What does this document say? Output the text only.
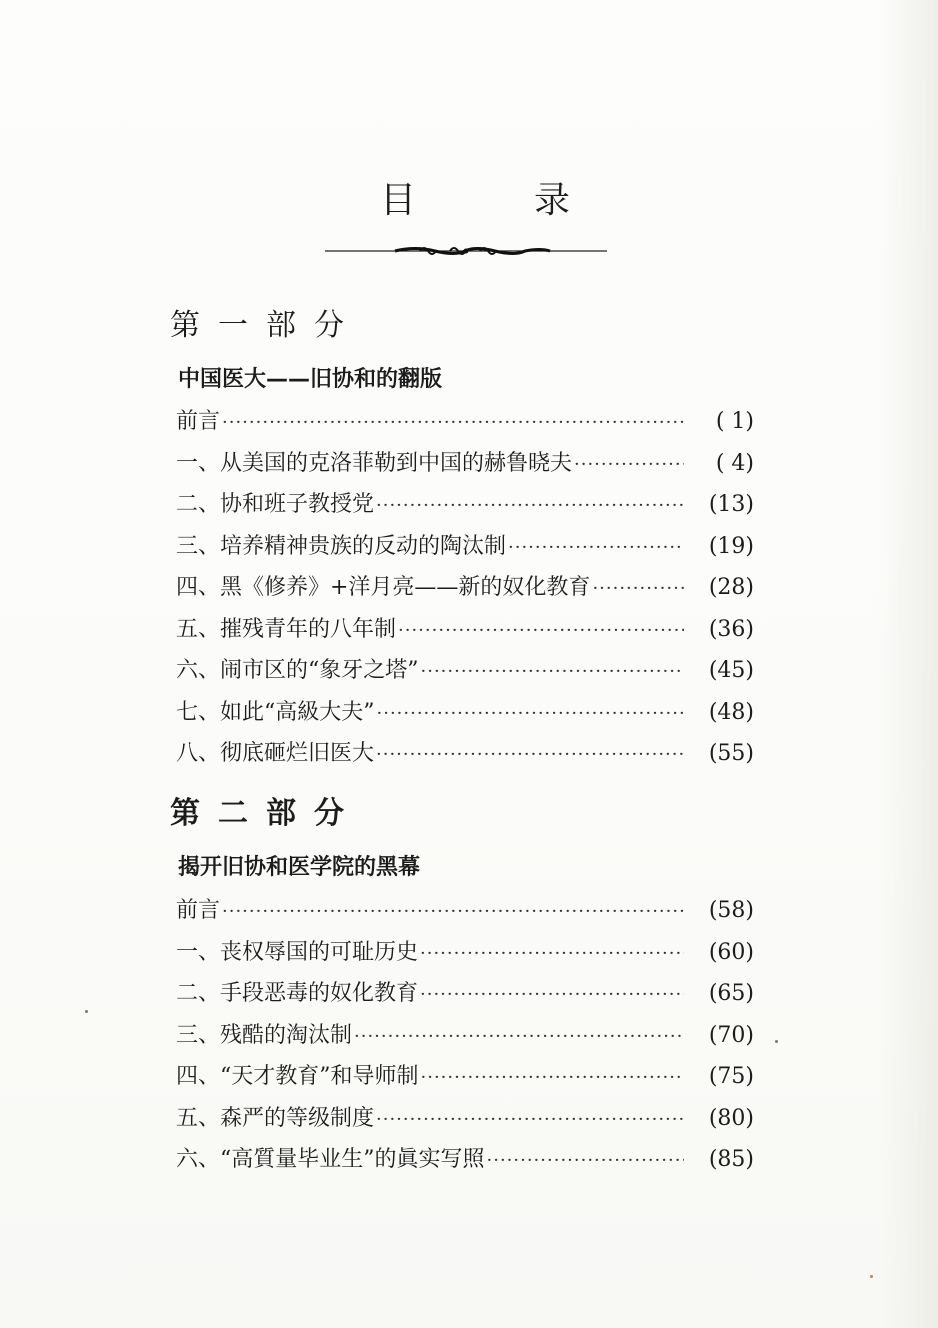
目	录
第一部分
中国医大——旧协和的翻版
前言 ·····	( 1)
一、从美国的克洛菲勒到中国的赫鲁晓夫 ·····	( 4)
二、协和班子教授党 ·····	(13)
三、培养精神贵族的反动的陶汰制 ·····	(19)
四、黑《修养》+洋月亮——新的奴化教育 ·····	(28)
五、摧残青年的八年制 ·····	(36)
六、闹市区的“象牙之塔” ·····	(45)
七、如此“高級大夫” ·····	(48)
八、彻底砸烂旧医大 ·····	(55)
第二部分
揭开旧协和医学院的黑幕
前言 ·····	(58)
一、丧权辱国的可耻历史 ·····	(60)
二、手段恶毒的奴化教育 ·····	(65)
三、残酷的淘汰制 ·····	(70)
四、“天才教育”和导师制 ·····	(75)
五、森严的等级制度 ·····	(80)
六、“高質量毕业生”的眞实写照 ·····	(85)
